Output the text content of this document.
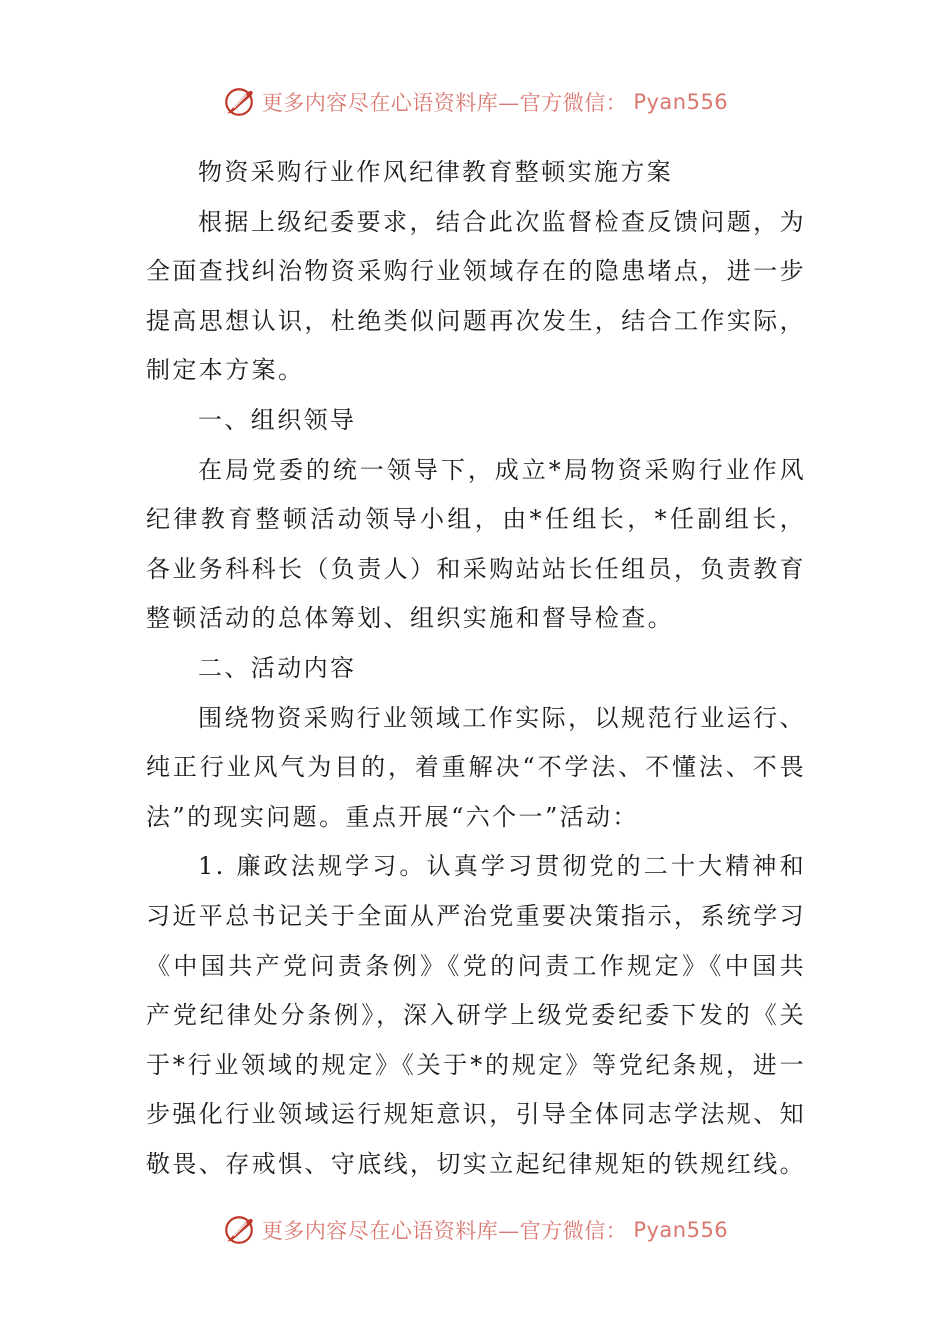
更多内容尽在心语资料库—官方微信： Pyan556

物资采购行业作风纪律教育整顿实施方案

根据上级纪委要求，结合此次监督检查反馈问题，为全面查找纠治物资采购行业领域存在的隐患堵点，进一步提高思想认识，杜绝类似问题再次发生，结合工作实际，制定本方案。

一、组织领导

在局党委的统一领导下，成立*局物资采购行业作风纪律教育整顿活动领导小组，由*任组长，*任副组长，各业务科科长（负责人）和采购站站长任组员，负责教育整顿活动的总体筹划、组织实施和督导检查。

二、活动内容

围绕物资采购行业领域工作实际，以规范行业运行、纯正行业风气为目的，着重解决“不学法、不懂法、不畏法”的现实问题。重点开展“六个一”活动：

1. 廉政法规学习。认真学习贯彻党的二十大精神和习近平总书记关于全面从严治党重要决策指示，系统学习《中国共产党问责条例》《党的问责工作规定》《中国共产党纪律处分条例》，深入研学上级党委纪委下发的《关于*行业领域的规定》《关于*的规定》等党纪条规，进一步强化行业领域运行规矩意识，引导全体同志学法规、知敬畏、存戒惧、守底线，切实立起纪律规矩的铁规红线。

更多内容尽在心语资料库—官方微信： Pyan556
